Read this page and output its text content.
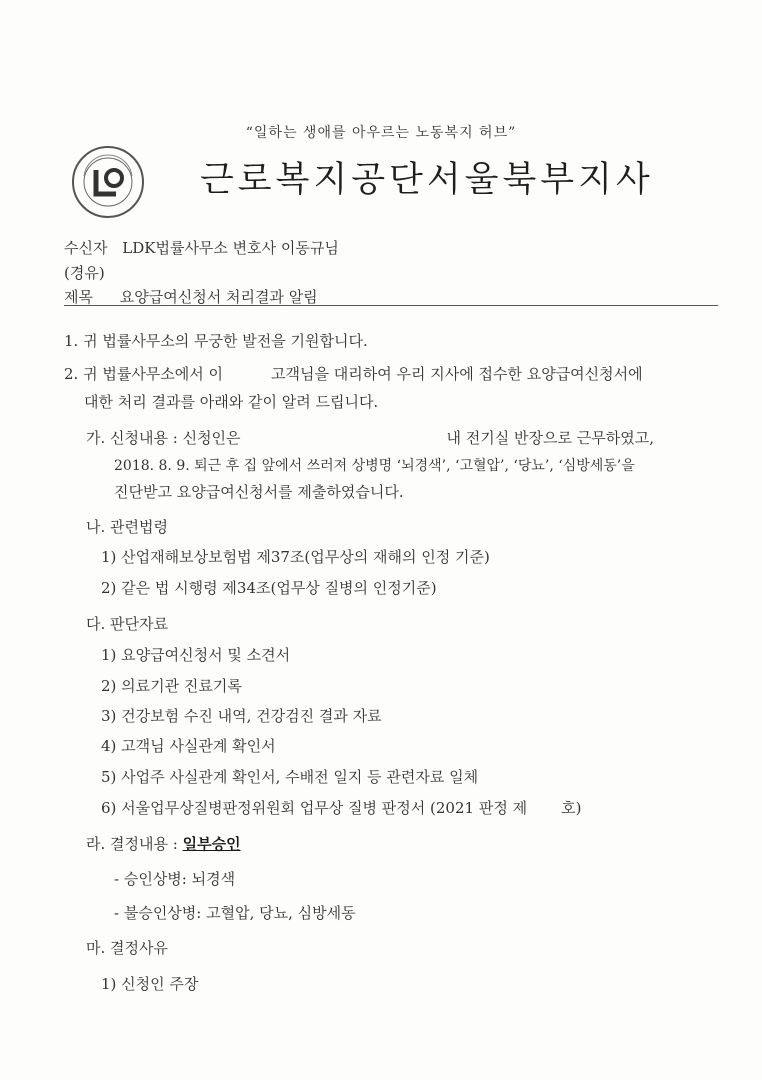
“일하는 생애를 아우르는 노동복지 허브”
근로복지공단서울북부지사
수신자 LDK법률사무소 변호사 이동규님
(경유)
제목 요양급여신청서 처리결과 알림
1. 귀 법률사무소의 무궁한 발전을 기원합니다.
2. 귀 법률사무소에서 이	고객님을 대리하여 우리 지사에 접수한 요양급여신청서에
대한 처리 결과를 아래와 같이 알려 드립니다.
가. 신청내용 : 신청인은	내 전기실 반장으로 근무하였고,
2018. 8. 9. 퇴근 후 집 앞에서 쓰러져 상병명 ‘뇌경색’, ‘고혈압’, ‘당뇨’, ‘심방세동’을
진단받고 요양급여신청서를 제출하였습니다.
나. 관련법령
1) 산업재해보상보험법 제37조(업무상의 재해의 인정 기준)
2) 같은 법 시행령 제34조(업무상 질병의 인정기준)
다. 판단자료
1) 요양급여신청서 및 소견서
2) 의료기관 진료기록
3) 건강보험 수진 내역, 건강검진 결과 자료
4) 고객님 사실관계 확인서
5) 사업주 사실관계 확인서, 수배전 일지 등 관련자료 일체
6) 서울업무상질병판정위원회 업무상 질병 판정서 (2021 판정 제 호)
라. 결정내용 : 일부승인
- 승인상병: 뇌경색
- 불승인상병: 고혈압, 당뇨, 심방세동
마. 결정사유
1) 신청인 주장
